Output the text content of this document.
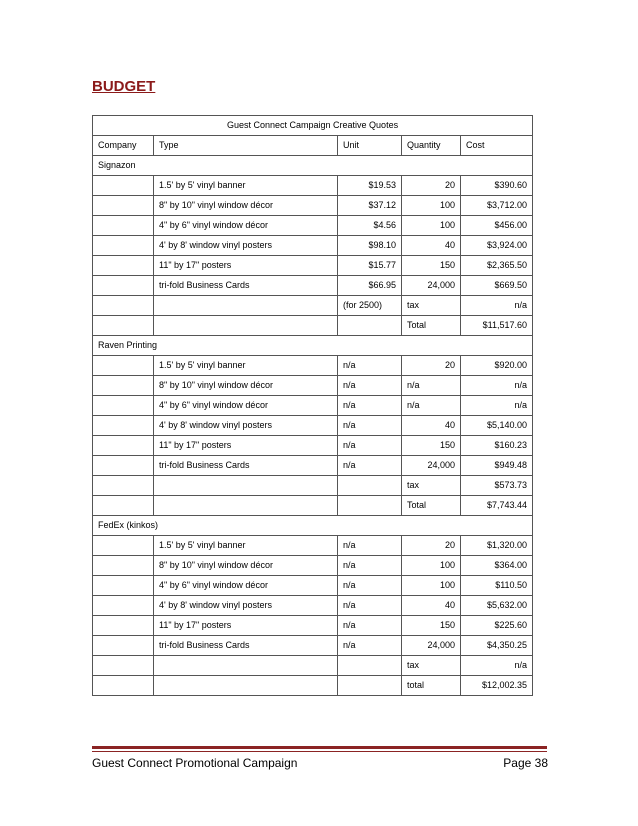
BUDGET
Guest Connect Campaign Creative Quotes				
Company	Type	Unit	Quantity	Cost
Signazon				
	1.5' by 5' vinyl banner	$19.53	20	$390.60
	8" by 10" vinyl window décor	$37.12	100	$3,712.00
	4" by 6" vinyl window décor	$4.56	100	$456.00
	4' by 8' window vinyl posters	$98.10	40	$3,924.00
	11" by 17" posters	$15.77	150	$2,365.50
	tri-fold Business Cards	$66.95	24,000	$669.50
		(for 2500)	tax	n/a
			Total	$11,517.60
Raven Printing				
	1.5' by 5' vinyl banner	n/a	20	$920.00
	8" by 10" vinyl window décor	n/a	n/a	n/a
	4" by 6" vinyl window décor	n/a	n/a	n/a
	4' by 8' window vinyl posters	n/a	40	$5,140.00
	11" by 17" posters	n/a	150	$160.23
	tri-fold Business Cards	n/a	24,000	$949.48
			tax	$573.73
			Total	$7,743.44
FedEx (kinkos)				
	1.5' by 5' vinyl banner	n/a	20	$1,320.00
	8" by 10" vinyl window décor	n/a	100	$364.00
	4" by 6" vinyl window décor	n/a	100	$110.50
	4' by 8' window vinyl posters	n/a	40	$5,632.00
	11" by 17" posters	n/a	150	$225.60
	tri-fold Business Cards	n/a	24,000	$4,350.25
			tax	n/a
			total	$12,002.35
Guest Connect Promotional Campaign	Page 38
